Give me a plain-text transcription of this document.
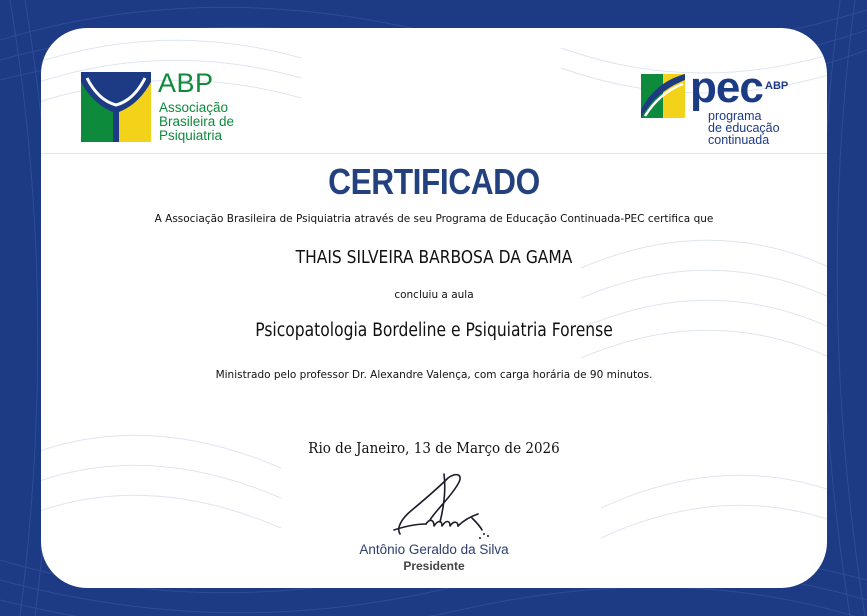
ABP
Associação
Brasileira de
Psiquiatria
pec ABP
programa
de educação
continuada
CERTIFICADO
A Associação Brasileira de Psiquiatria através de seu Programa de Educação Continuada-PEC certifica que
THAIS SILVEIRA BARBOSA DA GAMA
concluiu a aula
Psicopatologia Bordeline e Psiquiatria Forense
Ministrado pelo professor Dr. Alexandre Valença, com carga horária de 90 minutos.
Rio de Janeiro, 13 de Março de 2026
Antônio Geraldo da Silva
Presidente
